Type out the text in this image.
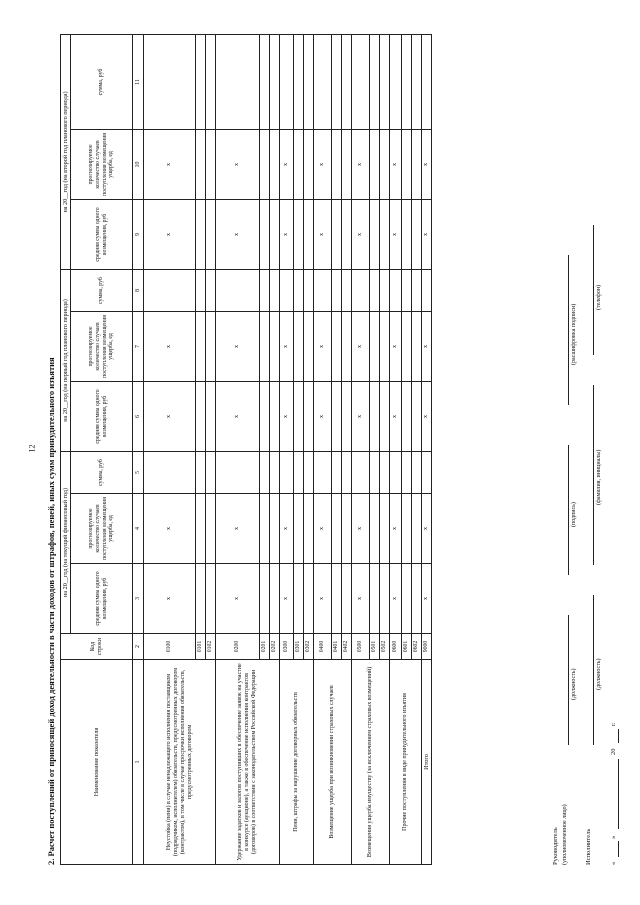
12 2. Расчет поступлений от приносящей доход деятельности в части доходов от штрафов, пеней, иных сумм принудительного изъятия	Наименование показателя	Код строки	на 20__год (на текущий финансовый год)			на 20__год (на первый год планового периода)			на 20__год (на второй год планового периода)		
		средняя сумма одного возмещения, руб	прогнозируемое количество случаев поступления возмещения ущерба, ед	сумма, руб	средняя сумма одного возмещения, руб	прогнозируемое количество случаев поступления возмещения ущерба, ед	сумма, руб	средняя сумма одного возмещения, руб	прогнозируемое количество случаев поступления возмещения ущерба, ед	сумма, руб
1	2	3	4	5	6	7	8	9	10	11
Неустойка (пени) в случае ненадлежащего исполнения поставщиком (подрядчиком, исполнителем) обязательств, предусмотренных договором (контрактом), в том числе в случае просрочки исполнения обязательств, предусмотренных договором	0100	x	x		x	x		x	x	
	0101									
	0102									
Удержание задатков и залогов поступивших в обеспечение заявок на участие в конкурсе (аукционе), а также в обеспечение исполнения контрактов (договоров) в соответствии с законодательством Российской Федерации	0200	x	x		x	x		x	x	
	0201									
	0202									
Пени, штрафы за нарушение договорных обязательств	0300	x	x		x	x		x	x	
	0301									
	0302									
Возмещение ущерба при возникновении страховых случаев	0400	x	x		x	x		x	x	
	0401									
	0402									
Возмещения ущерба имуществу (за исключением страховых возмещений)	0500	x	x		x	x		x	x	
	0501									
	0502									
Прочие поступления в виде принудительного изъятия	0600	x	x		x	x		x	x	
	0601									
	0602									
Итого	9000	x	x		x	x		x	x	
Руководитель (уполномоченное лицо)
(должность)
(подпись)
(расшифровка подписи)
Исполнитель
(должность)
(фамилия, инициалы)
(телефон)
«
»
20
г.
